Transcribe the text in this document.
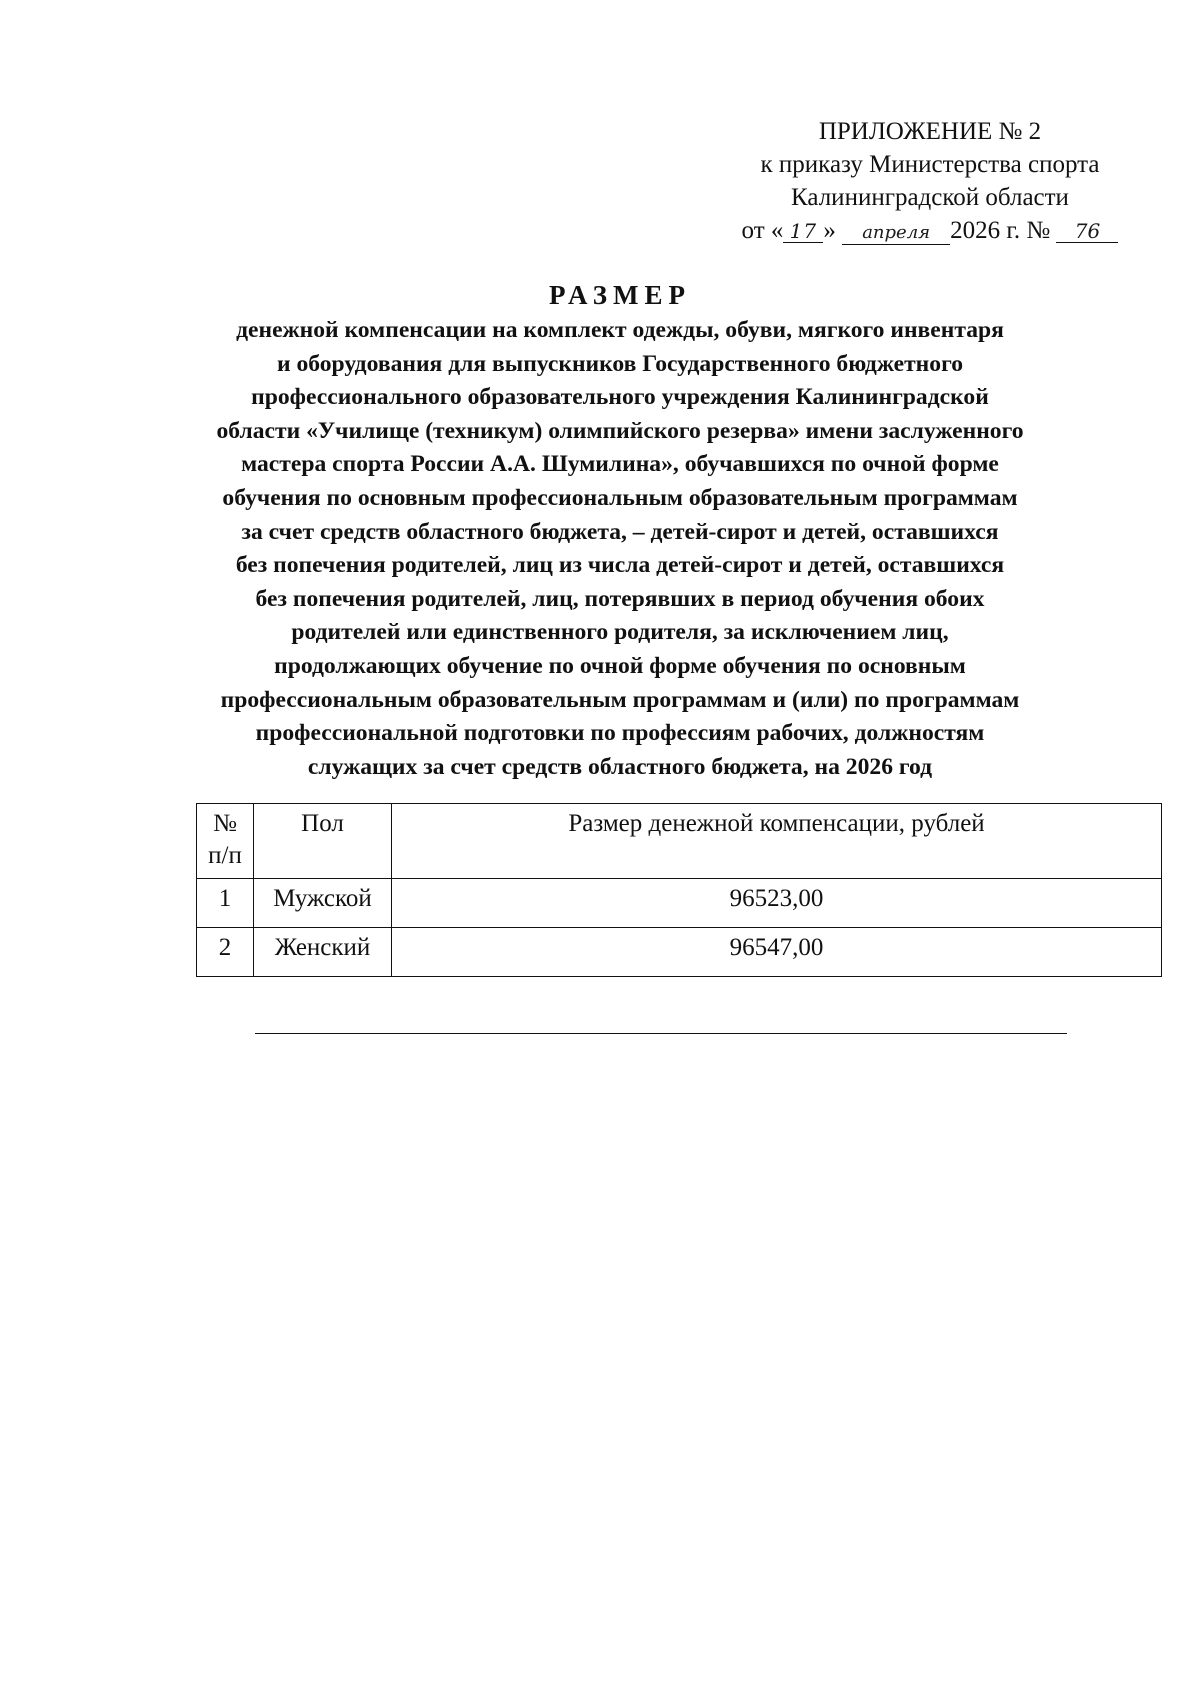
ПРИЛОЖЕНИЕ № 2
к приказу Министерства спорта
Калининградской области
от « 17 » апреля 2026 г. № 76
РАЗМЕР
денежной компенсации на комплект одежды, обуви, мягкого инвентаря
и оборудования для выпускников Государственного бюджетного
профессионального образовательного учреждения Калининградской
области «Училище (техникум) олимпийского резерва» имени заслуженного
мастера спорта России А.А. Шумилина», обучавшихся по очной форме
обучения по основным профессиональным образовательным программам
за счет средств областного бюджета, – детей-сирот и детей, оставшихся
без попечения родителей, лиц из числа детей-сирот и детей, оставшихся
без попечения родителей, лиц, потерявших в период обучения обоих
родителей или единственного родителя, за исключением лиц,
продолжающих обучение по очной форме обучения по основным
профессиональным образовательным программам и (или) по программам
профессиональной подготовки по профессиям рабочих, должностям
служащих за счет средств областного бюджета, на 2026 год
№
п/п	Пол	Размер денежной компенсации, рублей
1	Мужской	96523,00
2	Женский	96547,00
